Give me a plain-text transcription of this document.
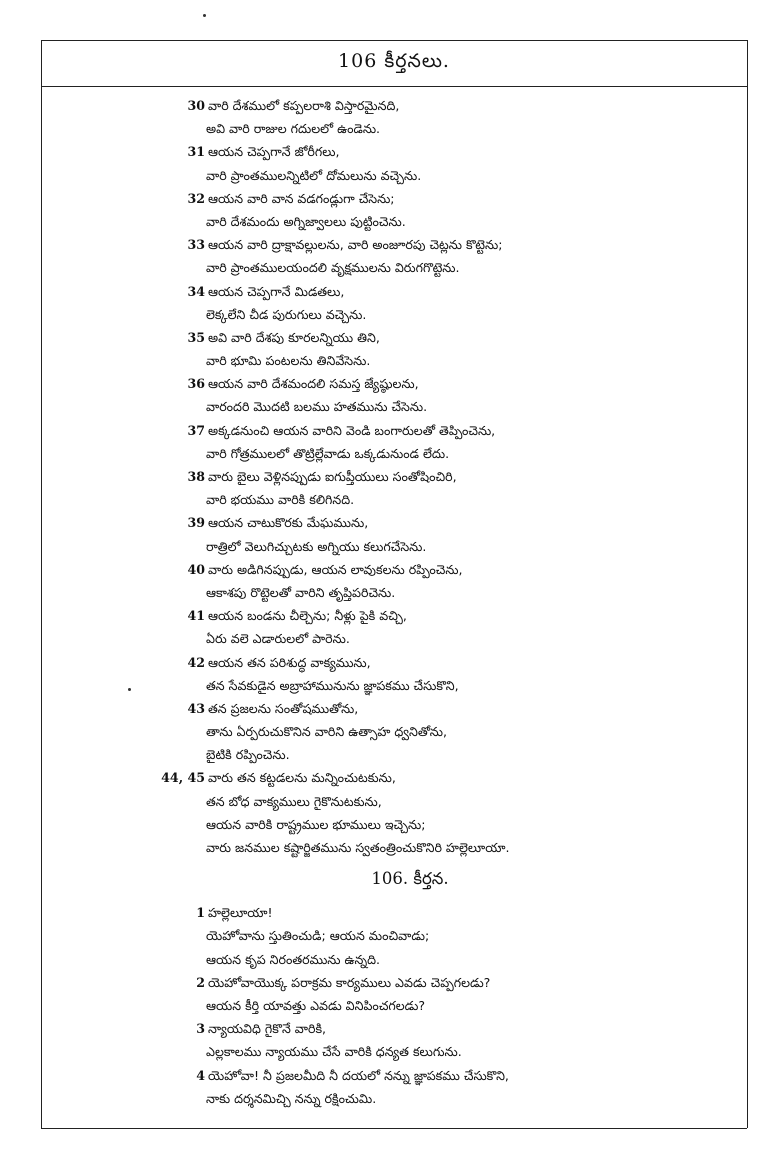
106 కీర్తనలు.
30 వారి దేశములో కప్పలరాశి విస్తారమైనది,
అవి వారి రాజుల గదులలో ఉండెను.
31 ఆయన చెప్పగానే జోరీగలు,
వారి ప్రాంతములన్నిటిలో దోమలును వచ్చెను.
32 ఆయన వారి వాన వడగండ్లుగా చేసెను;
వారి దేశమందు అగ్నిజ్వాలలు పుట్టించెను.
33 ఆయన వారి ద్రాక్షావల్లులను, వారి అంజూరపు చెట్లను కొట్టెను;
వారి ప్రాంతములయందలి వృక్షములను విరుగగొట్టెను.
34 ఆయన చెప్పగానే మిడతలు,
లెక్కలేని చీడ పురుగులు వచ్చెను.
35 అవి వారి దేశపు కూరలన్నియు తిని,
వారి భూమి పంటలను తినివేసెను.
36 ఆయన వారి దేశమందలి సమస్త జ్యేష్ఠులను,
వారందరి మొదటి బలము హతమును చేసెను.
37 అక్కడనుంచి ఆయన వారిని వెండి బంగారులతో తెప్పించెను,
వారి గోత్రములలో తొట్రిల్లేవాడు ఒక్కడునుండ లేదు.
38 వారు బైలు వెళ్లినప్పుడు ఐగుప్తీయులు సంతోషించిరి,
వారి భయము వారికి కలిగినది.
39 ఆయన చాటుకొరకు మేఘమును,
రాత్రిలో వెలుగిచ్చుటకు అగ్నియు కలుగచేసెను.
40 వారు అడిగినప్పుడు, ఆయన లావుకలను రప్పించెను,
ఆకాశపు రొట్టెలతో వారిని తృప్తిపరిచెను.
41 ఆయన బండను చీల్చెను; నీళ్లు పైకి వచ్చి,
ఏరు వలె ఎడారులలో పారెను.
42 ఆయన తన పరిశుద్ధ వాక్యమును,
తన సేవకుడైన అబ్రాహామునును జ్ఞాపకము చేసుకొని,
43 తన ప్రజలను సంతోషముతోను,
తాను ఏర్పరుచుకొనిన వారిని ఉత్సాహ ధ్వనితోను,
బైటికి రప్పించెను.
44, 45 వారు తన కట్టడలను మన్నించుటకును,
తన బోధ వాక్యములు గైకొనుటకును,
ఆయన వారికి రాష్ట్రముల భూములు ఇచ్చెను;
వారు జనముల కష్టార్జితమును స్వతంత్రించుకొనిరి హల్లెలూయా.
106. కీర్తన.
1 హల్లెలూయా!
యెహోవాను స్తుతించుడి; ఆయన మంచివాడు;
ఆయన కృప నిరంతరమును ఉన్నది.
2 యెహోవాయొక్క పరాక్రమ కార్యములు ఎవడు చెప్పగలడు?
ఆయన కీర్తి యావత్తు ఎవడు వినిపించగలడు?
3 న్యాయవిధి గైకొనే వారికి,
ఎల్లకాలము న్యాయము చేసే వారికి ధన్యత కలుగును.
4 యెహోవా! నీ ప్రజలమీది నీ దయలో నన్ను జ్ఞాపకము చేసుకొని,
నాకు దర్శనమిచ్చి నన్ను రక్షించుమి.
